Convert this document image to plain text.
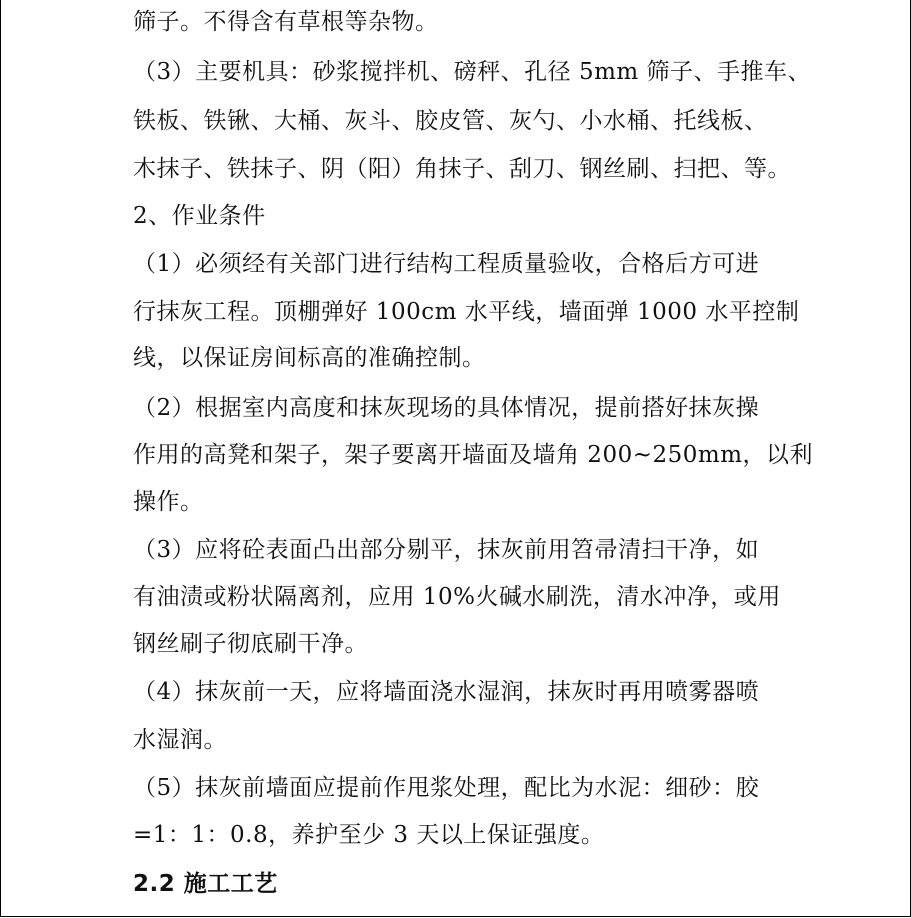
筛子。不得含有草根等杂物。
（3）主要机具：砂浆搅拌机、磅秤、孔径 5mm 筛子、手推车、
铁板、铁锹、大桶、灰斗、胶皮管、灰勺、小水桶、托线板、
木抹子、铁抹子、阴（阳）角抹子、刮刀、钢丝刷、扫把、等。
2、作业条件
（1）必须经有关部门进行结构工程质量验收，合格后方可进
行抹灰工程。顶棚弹好 100cm 水平线，墙面弹 1000 水平控制
线，以保证房间标高的准确控制。
（2）根据室内高度和抹灰现场的具体情况，提前搭好抹灰操
作用的高凳和架子，架子要离开墙面及墙角 200~250mm，以利
操作。
（3）应将砼表面凸出部分剔平，抹灰前用笤帚清扫干净，如
有油渍或粉状隔离剂，应用 10%火碱水刷洗，清水冲净，或用
钢丝刷子彻底刷干净。
（4）抹灰前一天，应将墙面浇水湿润，抹灰时再用喷雾器喷
水湿润。
（5）抹灰前墙面应提前作甩浆处理，配比为水泥：细砂：胶
=1：1：0.8，养护至少 3 天以上保证强度。
2.2 施工工艺
